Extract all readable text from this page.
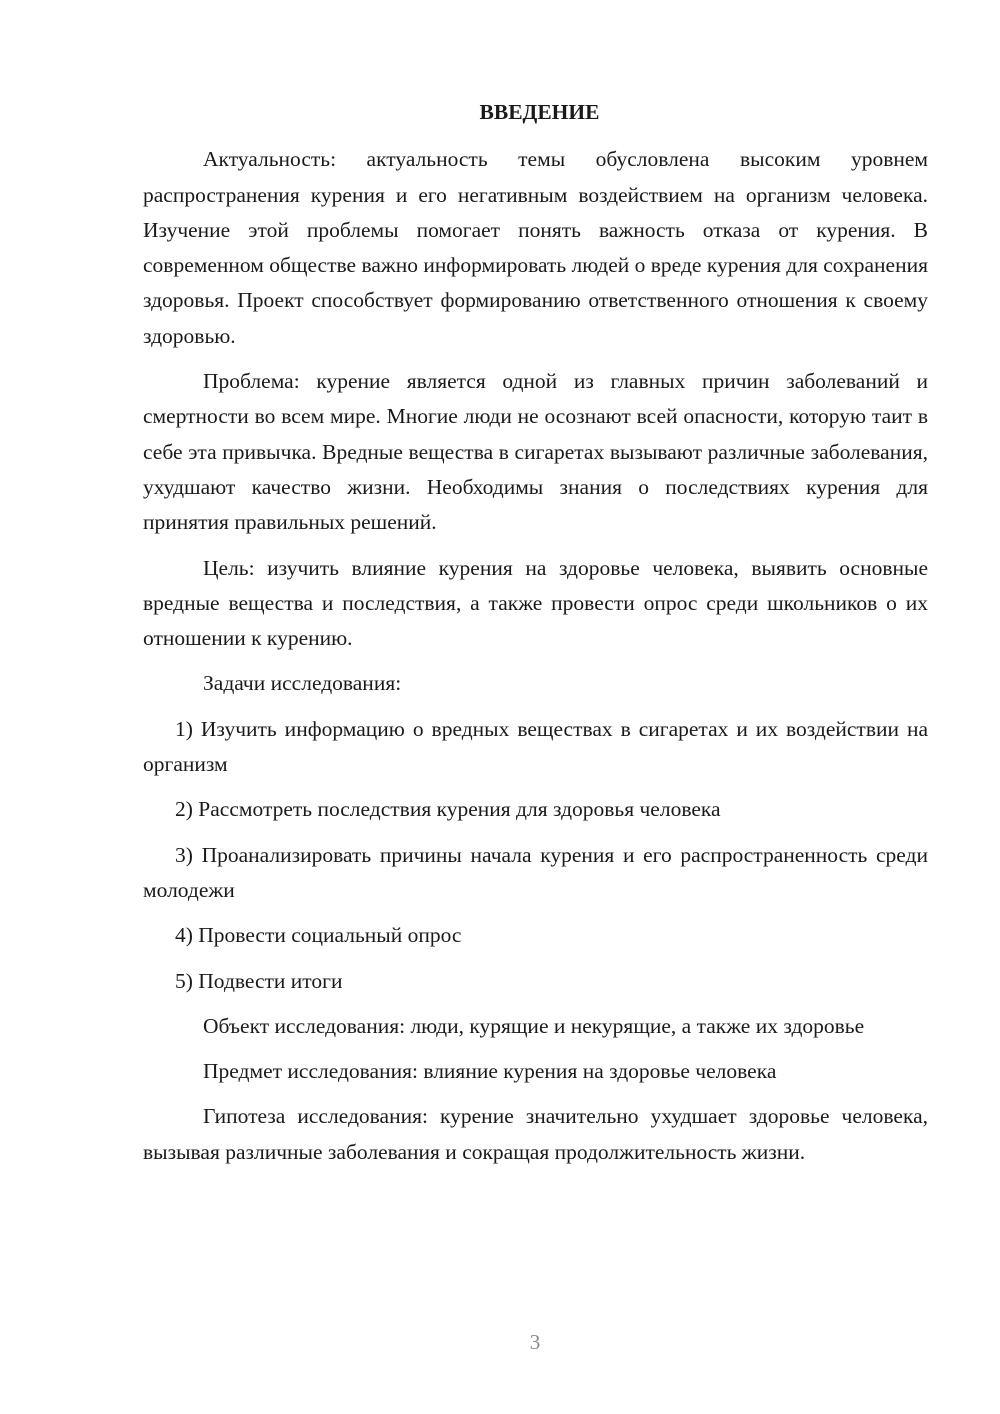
ВВЕДЕНИЕ

Актуальность: актуальность темы обусловлена высоким уровнем распространения курения и его негативным воздействием на организм человека. Изучение этой проблемы помогает понять важность отказа от курения. В современном обществе важно информировать людей о вреде курения для сохранения здоровья. Проект способствует формированию ответственного отношения к своему здоровью.

Проблема: курение является одной из главных причин заболеваний и смертности во всем мире. Многие люди не осознают всей опасности, которую таит в себе эта привычка. Вредные вещества в сигаретах вызывают различные заболевания, ухудшают качество жизни. Необходимы знания о последствиях курения для принятия правильных решений.

Цель: изучить влияние курения на здоровье человека, выявить основные вредные вещества и последствия, а также провести опрос среди школьников о их отношении к курению.

Задачи исследования:

1) Изучить информацию о вредных веществах в сигаретах и их воздействии на организм

2) Рассмотреть последствия курения для здоровья человека

3) Проанализировать причины начала курения и его распространенность среди молодежи

4) Провести социальный опрос

5) Подвести итоги

Объект исследования: люди, курящие и некурящие, а также их здоровье

Предмет исследования: влияние курения на здоровье человека

Гипотеза исследования: курение значительно ухудшает здоровье человека, вызывая различные заболевания и сокращая продолжительность жизни.

3
